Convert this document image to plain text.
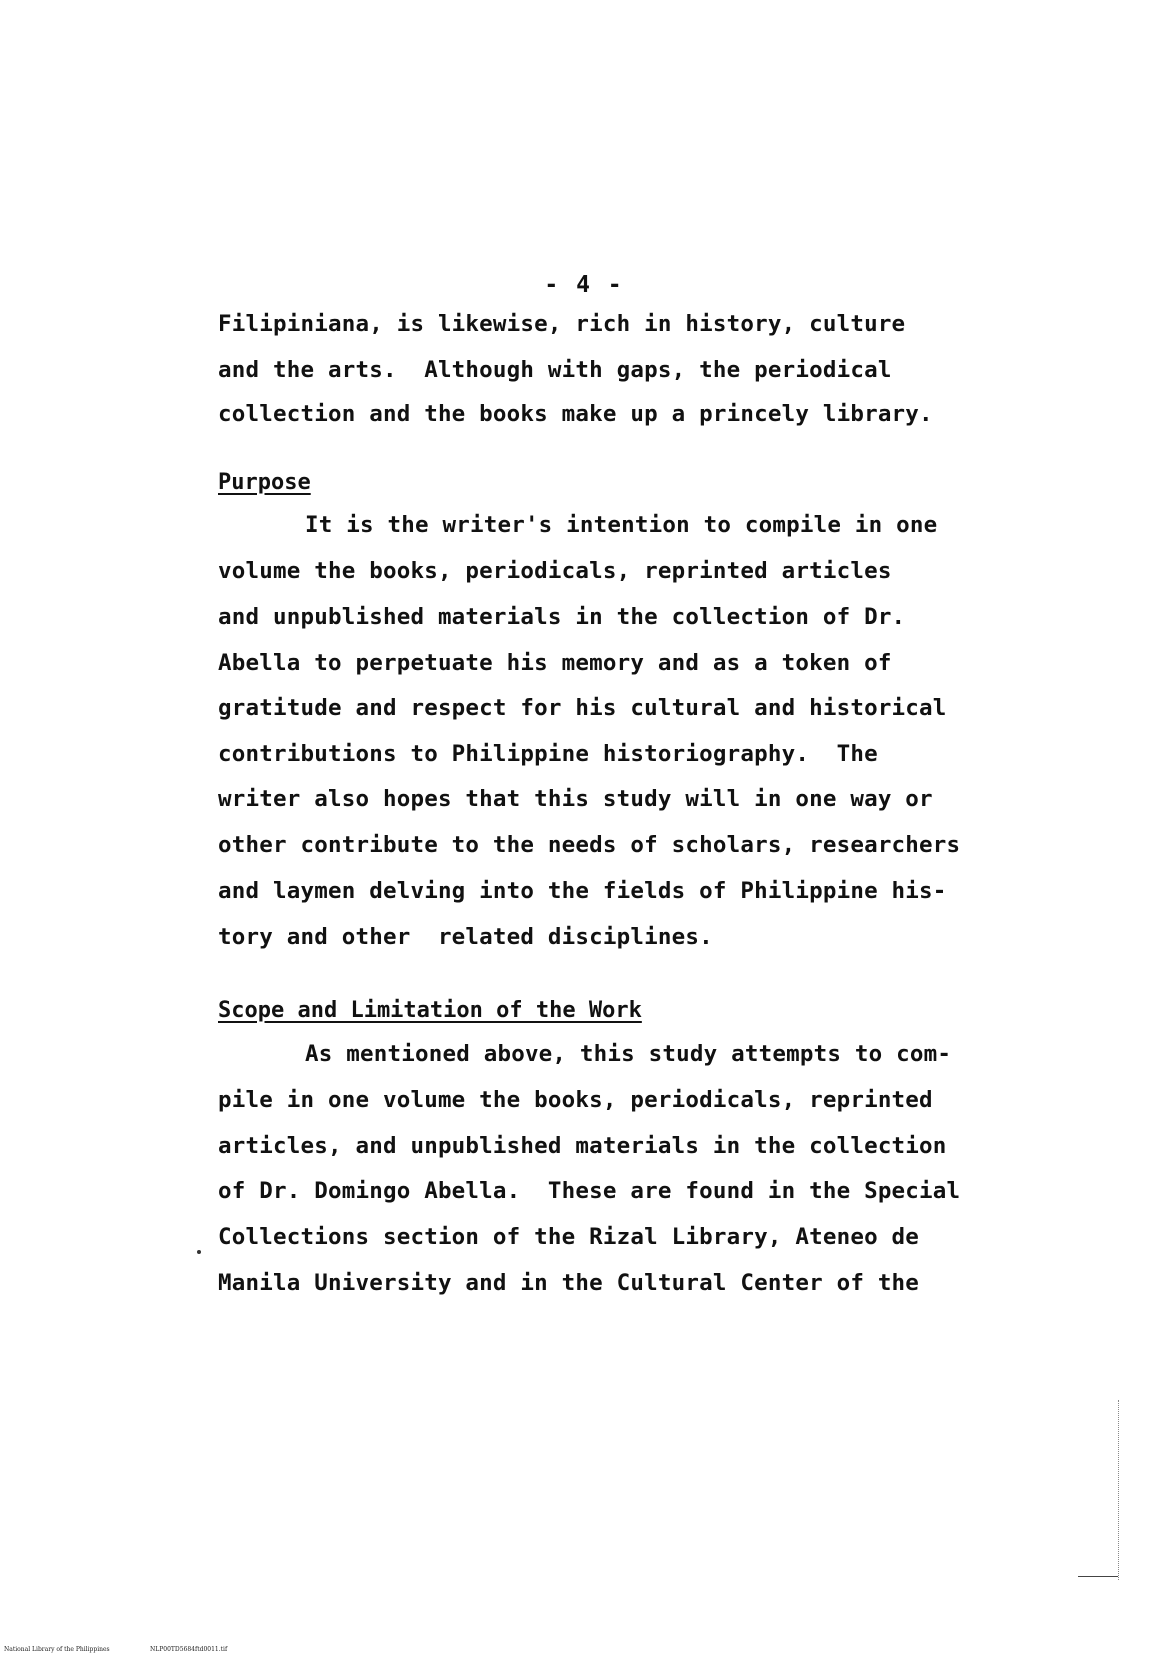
- 4 -
Filipiniana, is likewise, rich in history, culture
and the arts.  Although with gaps, the periodical
collection and the books make up a princely library.
Purpose
It is the writer's intention to compile in one
volume the books, periodicals, reprinted articles
and unpublished materials in the collection of Dr.
Abella to perpetuate his memory and as a token of
gratitude and respect for his cultural and historical
contributions to Philippine historiography.  The
writer also hopes that this study will in one way or
other contribute to the needs of scholars, researchers
and laymen delving into the fields of Philippine his-
tory and other  related disciplines.
Scope and Limitation of the Work
As mentioned above, this study attempts to com-
pile in one volume the books, periodicals, reprinted
articles, and unpublished materials in the collection
of Dr. Domingo Abella.  These are found in the Special
Collections section of the Rizal Library, Ateneo de
Manila University and in the Cultural Center of the
National Library of the Philippines	NLP00TD5684ftd0011.tif
